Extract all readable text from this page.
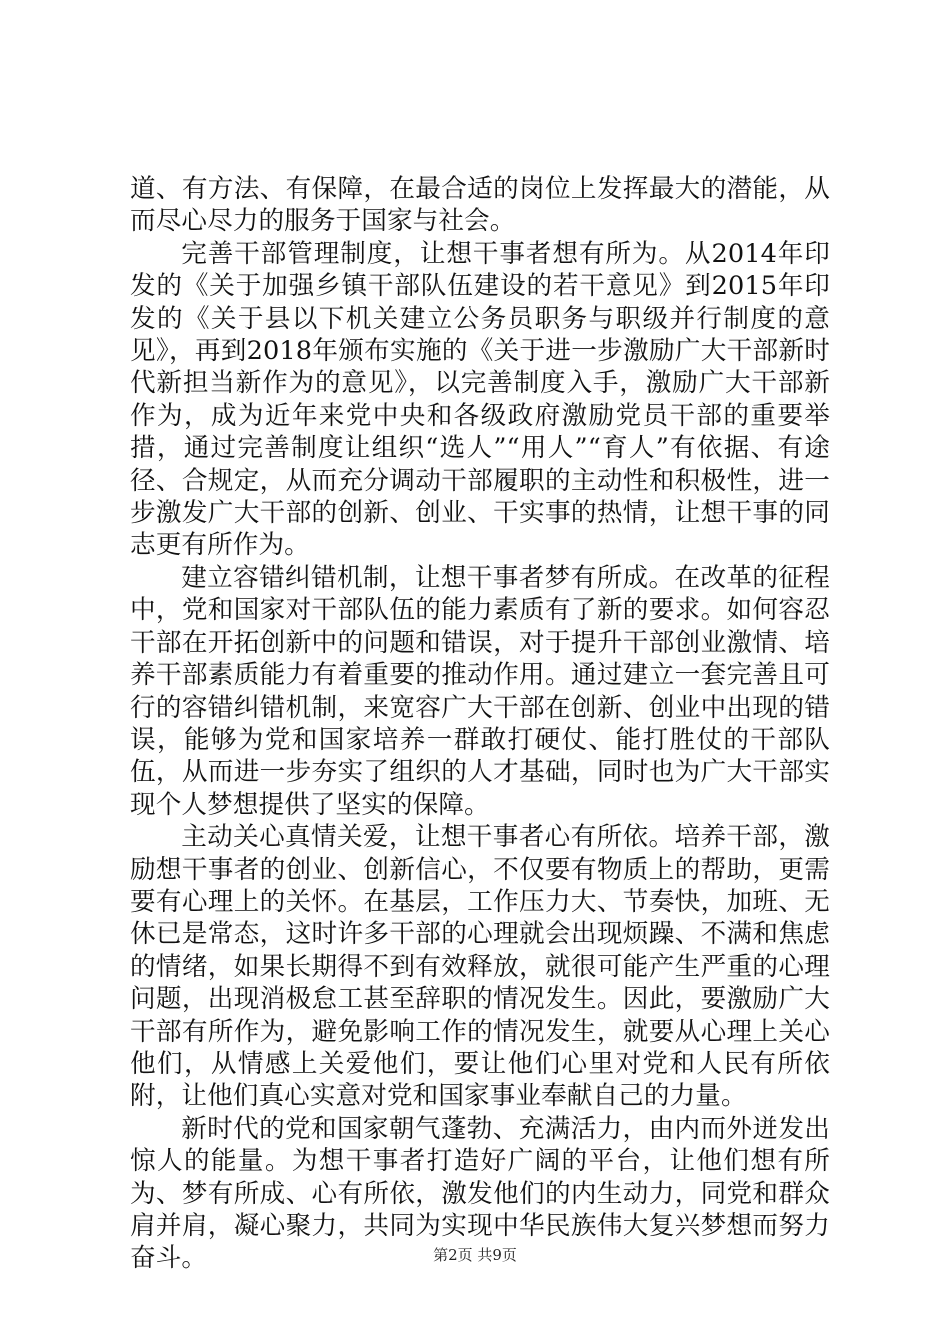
道、有方法、有保障，在最合适的岗位上发挥最大的潜能，从而尽心尽力的服务于国家与社会。

完善干部管理制度，让想干事者想有所为。从2014年印发的《关于加强乡镇干部队伍建设的若干意见》到2015年印发的《关于县以下机关建立公务员职务与职级并行制度的意见》，再到2018年颁布实施的《关于进一步激励广大干部新时代新担当新作为的意见》，以完善制度入手，激励广大干部新作为，成为近年来党中央和各级政府激励党员干部的重要举措，通过完善制度让组织“选人”“用人”“育人”有依据、有途径、合规定，从而充分调动干部履职的主动性和积极性，进一步激发广大干部的创新、创业、干实事的热情，让想干事的同志更有所作为。

建立容错纠错机制，让想干事者梦有所成。在改革的征程中，党和国家对干部队伍的能力素质有了新的要求。如何容忍干部在开拓创新中的问题和错误，对于提升干部创业激情、培养干部素质能力有着重要的推动作用。通过建立一套完善且可行的容错纠错机制，来宽容广大干部在创新、创业中出现的错误，能够为党和国家培养一群敢打硬仗、能打胜仗的干部队伍，从而进一步夯实了组织的人才基础，同时也为广大干部实现个人梦想提供了坚实的保障。

主动关心真情关爱，让想干事者心有所依。培养干部，激励想干事者的创业、创新信心，不仅要有物质上的帮助，更需要有心理上的关怀。在基层，工作压力大、节奏快，加班、无休已是常态，这时许多干部的心理就会出现烦躁、不满和焦虑的情绪，如果长期得不到有效释放，就很可能产生严重的心理问题，出现消极怠工甚至辞职的情况发生。因此，要激励广大干部有所作为，避免影响工作的情况发生，就要从心理上关心他们，从情感上关爱他们，要让他们心里对党和人民有所依附，让他们真心实意对党和国家事业奉献自己的力量。

新时代的党和国家朝气蓬勃、充满活力，由内而外迸发出惊人的能量。为想干事者打造好广阔的平台，让他们想有所为、梦有所成、心有所依，激发他们的内生动力，同党和群众肩并肩，凝心聚力，共同为实现中华民族伟大复兴梦想而努力奋斗。	第2页 共9页
